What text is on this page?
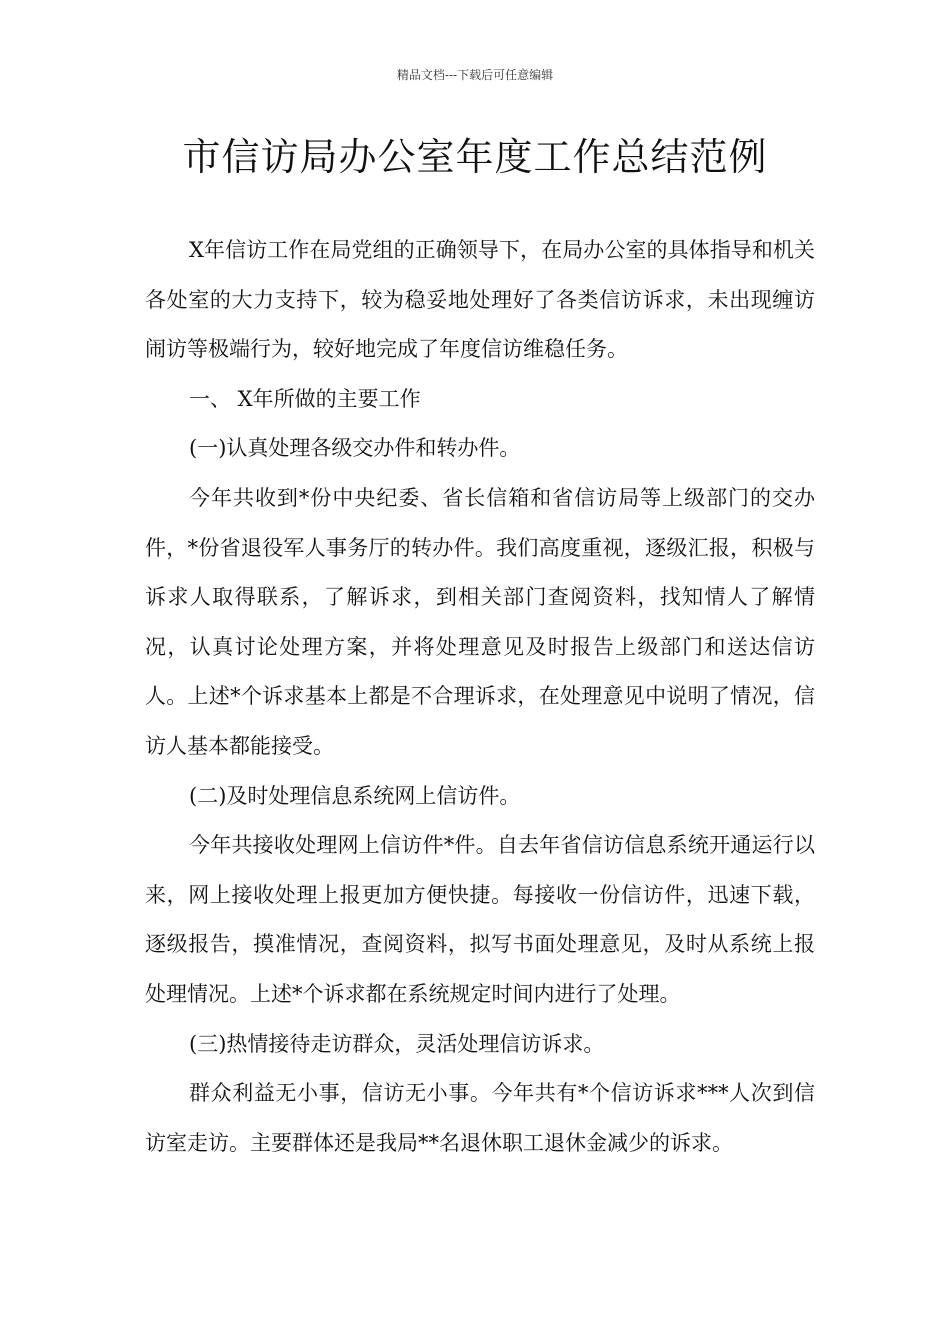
精品文档---下载后可任意编辑
市信访局办公室年度工作总结范例

X年信访工作在局党组的正确领导下，在局办公室的具体指导和机关各处室的大力支持下，较为稳妥地处理好了各类信访诉求，未出现缠访闹访等极端行为，较好地完成了年度信访维稳任务。

一、 X年所做的主要工作

(一)认真处理各级交办件和转办件。

今年共收到*份中央纪委、省长信箱和省信访局等上级部门的交办件，*份省退役军人事务厅的转办件。我们高度重视，逐级汇报，积极与诉求人取得联系，了解诉求，到相关部门查阅资料，找知情人了解情况，认真讨论处理方案，并将处理意见及时报告上级部门和送达信访人。上述*个诉求基本上都是不合理诉求，在处理意见中说明了情况，信访人基本都能接受。

(二)及时处理信息系统网上信访件。

今年共接收处理网上信访件*件。自去年省信访信息系统开通运行以来，网上接收处理上报更加方便快捷。每接收一份信访件，迅速下载，逐级报告，摸准情况，查阅资料，拟写书面处理意见，及时从系统上报处理情况。上述*个诉求都在系统规定时间内进行了处理。

(三)热情接待走访群众，灵活处理信访诉求。

群众利益无小事，信访无小事。今年共有*个信访诉求***人次到信访室走访。主要群体还是我局**名退休职工退休金减少的诉求。
